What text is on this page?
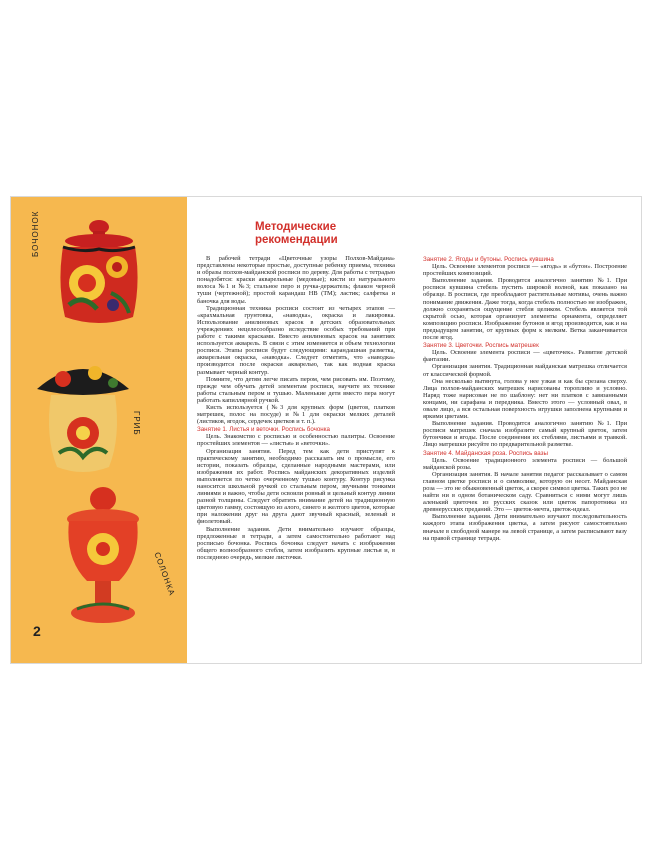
БОЧОНОК
ГРИБ
СОЛОНКА
2
Методические
рекомендации

В рабочей тетради «Цветочные узоры Полхов-Майдана» представлены некоторые простые, доступные ребенку приемы, техника и образы полхов-майданской росписи по дереву. Для работы с тетрадью понадобятся: краски акварельные (медовые); кисти из натурального волоса №1 и №3; стальное перо и ручка-держатель; флакон черной туши (чертежной); простой карандаш НВ (ТМ); ластик; салфетка и баночка для воды.

Традиционная техника росписи состоит из четырех этапов — «крахмальная грунтовка, «наводка», окраска и лакировка. Использование анилиновых красок в детских образовательных учреждениях нецелесообразно вследствие особых требований при работе с такими красками. Вместо анилиновых красок на занятиях используется акварель. В связи с этим изменяется и объем технологии росписи. Этапы росписи будут следующими: карандашная разметка, акварельная окраска, «наводка». Следует отметить, что «наводка» производится после окраски акварелью, так как водная краска размывает черный контур.

Помните, что детям легче писать пером, чем рисовать им. Поэтому, прежде чем обучать детей элементам росписи, научите их технике работы стальным пером и тушью. Маленькие дети вместо пера могут работать капиллярной ручкой.

Кисть используется (№3 для крупных форм (цветов, платков матрешек, полос на посуде) и №1 для окраски мелких деталей (листиков, ягодок, сердечек цветков и т. п.).

Занятие 1. Листья и веточки. Роспись бочонка

Цель. Знакомство с росписью и особенностью палитры. Освоение простейших элементов — «листья» и «веточки».

Организация занятия. Перед тем как дети приступят к практическому занятию, необходимо рассказать им о промысле, его истории, показать образцы, сделанные народными мастерами, или изображения их работ. Роспись майданских декоративных изделий выполняется по четко очерченному тушью контуру. Контур рисунка наносится школьной ручкой со стальным пером, звучными тонкими линиями и важно, чтобы дети освоили ровный и цельный контур линии разной толщины. Следует обратить внимание детей на традиционную цветовую гамму, состоящую из алого, синего и желтого цветов, которые при наложении друг на друга дают звучный красный, зеленый и фиолетовый.

Выполнение задания. Дети внимательно изучают образцы, предложенные в тетради, а затем самостоятельно работают над росписью бочонка. Роспись бочонка следует начать с изображения общего волнообразного стебля, затем изобразить крупные листья и, в последнюю очередь, мелкие листочки.

Занятие 2. Ягоды и бутоны. Роспись кувшина

Цель. Освоение элементов росписи — «ягодь» и «бутон». Построение простейших композиций.

Выполнение задания. Проводится аналогично занятию №1. При росписи кувшина стебель пустить широкой волной, как показано на образце. В росписи, где преобладают растительные мотивы, очень важно понимание движения. Даже тогда, когда стебель полностью не изображен, должно сохраняться ощущение стебля целиком. Стебель является той скрытой осью, которая организует элементы орнамента, определяет композицию росписи. Изображение бутонов и ягод производится, как и на предыдущем занятии, от крупных форм к мелким. Ветка заканчивается после ягод.

Занятие 3. Цветочки. Роспись матрешек

Цель. Освоение элемента росписи — «цветочек». Развитие детской фантазии.

Организация занятия. Традиционная майданская матрешка отличается от классической формой.

Она несколько вытянута, голова у нее узкая и как бы срезана сверху. Лица полхов-майданских матрешек нарисованы торопливо и условно. Наряд тоже нарисован не по шаблону: нет ни платков с завязанными концами, ни сарафана и передника. Вместо этого — условный овал, в овале лицо, а вся остальная поверхность игрушки заполнена крупными и яркими цветами.

Выполнение задания. Проводится аналогично занятию №1. При росписи матрешек сначала изобразите самый крупный цветок, затем бутончики и ягоды. После соединения их стеблями, листьями и травкой. Лицо матрешки рисуйте по предварительной разметке.

Занятие 4. Майданская роза. Роспись вазы

Цель. Освоение традиционного элемента росписи — большой майданской розы.

Организация занятия. В начале занятия педагог рассказывает о самом главном цветке росписи и о символике, которую он несет. Майданская роза — это не обыкновенный цветок, а скорее символ цветка. Таких роз не найти ни в одном ботаническом саду. Сравниться с ними могут лишь аленький цветочек из русских сказок или цветок папоротника из древнерусских преданий. Это — цветок-мечта, цветок-идеал.

Выполнение задания. Дети внимательно изучают последовательность каждого этапа изображения цветка, а затем рисуют самостоятельно вначале в свободной манере на левой странице, а затем расписывают вазу на правой странице тетради.
